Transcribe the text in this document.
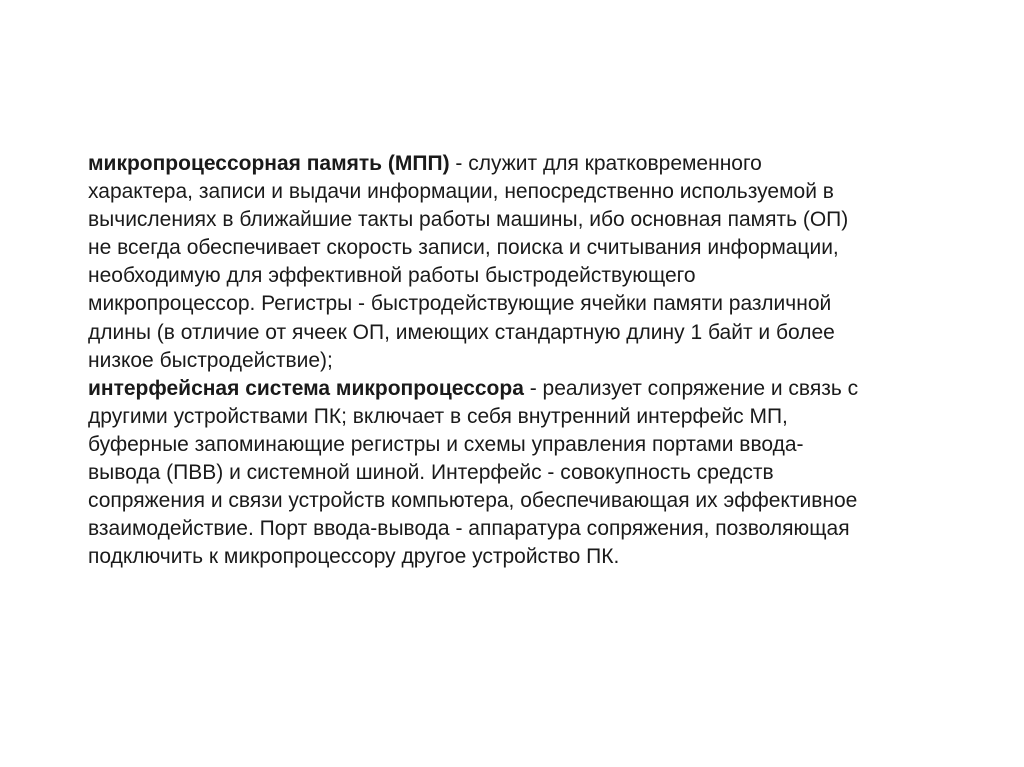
микропроцессорная память (МПП) - служит для кратковременного
характера, записи и выдачи информации, непосредственно используемой в
вычислениях в ближайшие такты работы машины, ибо основная память (ОП)
не всегда обеспечивает скорость записи, поиска и считывания информации,
необходимую для эффективной работы быстродействующего
микропроцессор. Регистры - быстродействующие ячейки памяти различной
длины (в отличие от ячеек ОП, имеющих стандартную длину 1 байт и более
низкое быстродействие);
интерфейсная система микропроцессора - реализует сопряжение и связь с
другими устройствами ПК; включает в себя внутренний интерфейс МП,
буферные запоминающие регистры и схемы управления портами ввода-
вывода (ПВВ) и системной шиной. Интерфейс - совокупность средств
сопряжения и связи устройств компьютера, обеспечивающая их эффективное
взаимодействие. Порт ввода-вывода - аппаратура сопряжения, позволяющая
подключить к микропроцессору другое устройство ПК.
